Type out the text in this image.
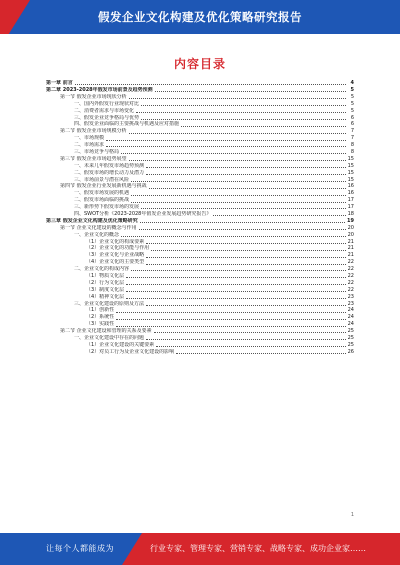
假发企业文化构建及优化策略研究报告
内容目录
第一章 前言	4
第二章 2023-2028年假发市场前景及趋势预测	5
第一节 假发企业市场现状分析	5
一、国内外假发行业现状对比	5
二、消费者需求与市场变化	5
三、假发企业竞争格局与优势	6
四、假发企业面临的主要挑战与机遇及应对措施	6
第二节 假发企业市场规模分析	7
一、市场规模	7
二、市场需求	8
三、市场竞争与格局	8
第三节 假发企业市场趋势展望	15
一、未来几年假发市场趋势预测	15
二、假发市场的增长动力及潜力	15
三、市场前景与潜在风险	15
第四节 假发企业行业发展新机遇与挑战	16
一、假发市场发展的机遇	16
二、假发市场面临的挑战	17
三、新形势下假发市场的发展	17
四、SWOT分析《2023-2028年假发企业发展趋势研究报告》	18
第三章 假发企业文化构建及优化策略研究	19
第一节 企业文化建设的概念与作用	20
一、企业文化的概念	20
（1）企业文化的构成要素	21
（2）企业文化的功能与作用	21
（3）企业文化与企业战略	21
（4）企业文化的主要类型	22
二、企业文化的构成内容	22
（1）物质文化层	22
（2）行为文化层	22
（3）制度文化层	22
（4）精神文化层	23
三、企业文化建设的原则及方法	23
（1）创新性	24
（2）系统性	24
（3）实践性	24
第二节 企业文化建设和管理的关系及要素	25
一、企业文化建设中存在的问题	25
（1）企业文化建设的关键要素	25
（2）对员工行为及企业文化建设的影响	26
1
让每个人都能成为	行业专家、管理专家、营销专家、战略专家、成功企业家……
